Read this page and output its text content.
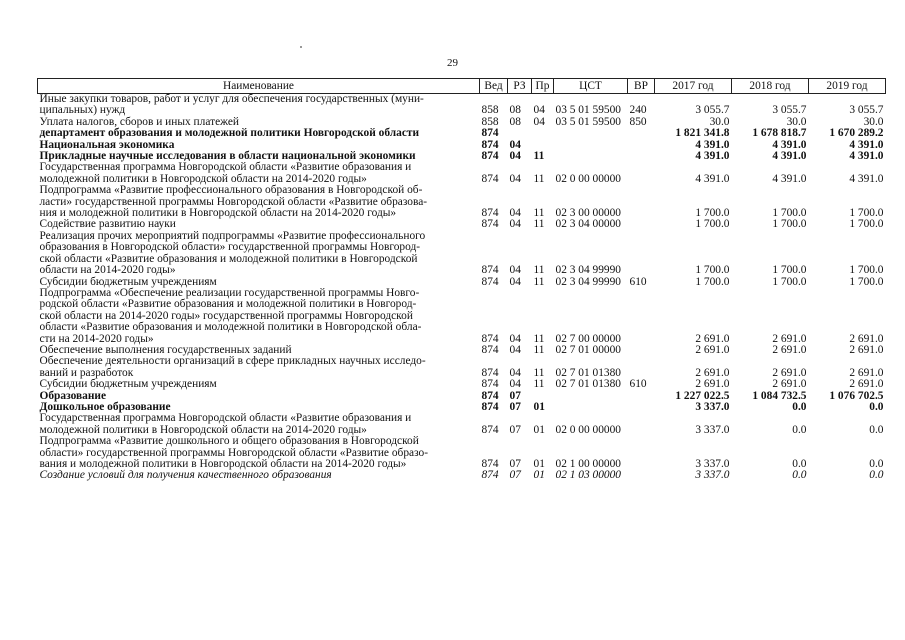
29
Наименование	Вед	РЗ	Пр	ЦСТ	ВР	2017 год	2018 год	2019 год
Иные закупки товаров, работ и услуг для обеспечения государственных (муни-
ципальных) нужд	858	08	04	03 5 01 59500	240	3 055.7	3 055.7	3 055.7
Уплата налогов, сборов и иных платежей	858	08	04	03 5 01 59500	850	30.0	30.0	30.0
департамент образования и молодежной политики Новгородской области	874					1 821 341.8	1 678 818.7	1 670 289.2
Национальная экономика	874	04				4 391.0	4 391.0	4 391.0
Прикладные научные исследования в области национальной экономики	874	04	11			4 391.0	4 391.0	4 391.0
Государственная программа Новгородской области «Развитие образования и
молодежной политики в Новгородской области на 2014-2020 годы»	874	04	11	02 0 00 00000		4 391.0	4 391.0	4 391.0
Подпрограмма «Развитие профессионального образования в Новгородской об-
ласти» государственной программы Новгородской области «Развитие образова-
ния и молодежной политики в Новгородской области на 2014-2020 годы»	874	04	11	02 3 00 00000		1 700.0	1 700.0	1 700.0
Содействие развитию науки	874	04	11	02 3 04 00000		1 700.0	1 700.0	1 700.0
Реализация прочих мероприятий подпрограммы «Развитие профессионального
образования в Новгородской области» государственной программы Новгород-
ской области «Развитие образования и молодежной политики в Новгородской
области на 2014-2020 годы»	874	04	11	02 3 04 99990		1 700.0	1 700.0	1 700.0
Субсидии бюджетным учреждениям	874	04	11	02 3 04 99990	610	1 700.0	1 700.0	1 700.0
Подпрограмма «Обеспечение реализации государственной программы Новго-
родской области «Развитие образования и молодежной политики в Новгород-
ской области на 2014-2020 годы» государственной программы Новгородской
области «Развитие образования и молодежной политики в Новгородской обла-
сти на 2014-2020 годы»	874	04	11	02 7 00 00000		2 691.0	2 691.0	2 691.0
Обеспечение выполнения государственных заданий	874	04	11	02 7 01 00000		2 691.0	2 691.0	2 691.0
Обеспечение деятельности организаций в сфере прикладных научных исследо-
ваний и разработок	874	04	11	02 7 01 01380		2 691.0	2 691.0	2 691.0
Субсидии бюджетным учреждениям	874	04	11	02 7 01 01380	610	2 691.0	2 691.0	2 691.0
Образование	874	07				1 227 022.5	1 084 732.5	1 076 702.5
Дошкольное образование	874	07	01			3 337.0	0.0	0.0
Государственная программа Новгородской области «Развитие образования и
молодежной политики в Новгородской области на 2014-2020 годы»	874	07	01	02 0 00 00000		3 337.0	0.0	0.0
Подпрограмма «Развитие дошкольного и общего образования в Новгородской
области» государственной программы Новгородской области «Развитие образо-
вания и молодежной политики в Новгородской области на 2014-2020 годы»	874	07	01	02 1 00 00000		3 337.0	0.0	0.0
Создание условий для получения качественного образования	874	07	01	02 1 03 00000		3 337.0	0.0	0.0
